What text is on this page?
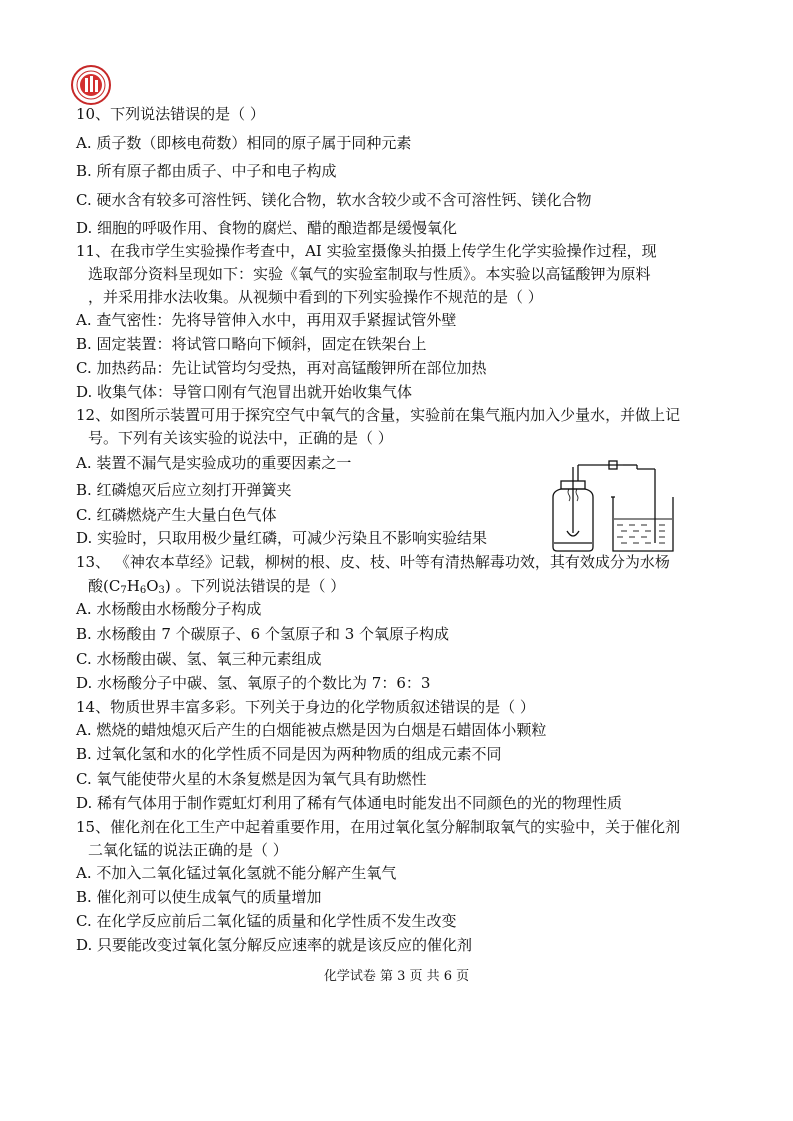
10、下列说法错误的是（ ）
A. 质子数（即核电荷数）相同的原子属于同种元素
B. 所有原子都由质子、中子和电子构成
C. 硬水含有较多可溶性钙、镁化合物，软水含较少或不含可溶性钙、镁化合物
D. 细胞的呼吸作用、食物的腐烂、醋的酿造都是缓慢氧化
11、在我市学生实验操作考查中，AI 实验室摄像头拍摄上传学生化学实验操作过程，现
选取部分资料呈现如下：实验《氧气的实验室制取与性质》。本实验以高锰酸钾为原料
，并采用排水法收集。从视频中看到的下列实验操作不规范的是（ ）
A. 查气密性：先将导管伸入水中，再用双手紧握试管外壁
B. 固定装置：将试管口略向下倾斜，固定在铁架台上
C. 加热药品：先让试管均匀受热，再对高锰酸钾所在部位加热
D. 收集气体：导管口刚有气泡冒出就开始收集气体
12、如图所示装置可用于探究空气中氧气的含量，实验前在集气瓶内加入少量水，并做上记
号。下列有关该实验的说法中，正确的是（ ）
A. 装置不漏气是实验成功的重要因素之一
B. 红磷熄灭后应立刻打开弹簧夹
C. 红磷燃烧产生大量白色气体
D. 实验时，只取用极少量红磷，可减少污染且不影响实验结果
13、 《神农本草经》记载，柳树的根、皮、枝、叶等有清热解毒功效，其有效成分为水杨
酸$(C_7H_6O_3)$ 。下列说法错误的是（ ）
A. 水杨酸由水杨酸分子构成
B. 水杨酸由 7 个碳原子、6 个氢原子和 3 个氧原子构成
C. 水杨酸由碳、氢、氧三种元素组成
D. 水杨酸分子中碳、氢、氧原子的个数比为 7：6：3
14、物质世界丰富多彩。下列关于身边的化学物质叙述错误的是（ ）
A. 燃烧的蜡烛熄灭后产生的白烟能被点燃是因为白烟是石蜡固体小颗粒
B. 过氧化氢和水的化学性质不同是因为两种物质的组成元素不同
C. 氧气能使带火星的木条复燃是因为氧气具有助燃性
D. 稀有气体用于制作霓虹灯利用了稀有气体通电时能发出不同颜色的光的物理性质
15、催化剂在化工生产中起着重要作用，在用过氧化氢分解制取氧气的实验中，关于催化剂
二氧化锰的说法正确的是（ ）
A. 不加入二氧化锰过氧化氢就不能分解产生氧气
B. 催化剂可以使生成氧气的质量增加
C. 在化学反应前后二氧化锰的质量和化学性质不发生改变
D. 只要能改变过氧化氢分解反应速率的就是该反应的催化剂
化学试卷 第 3 页 共 6 页
